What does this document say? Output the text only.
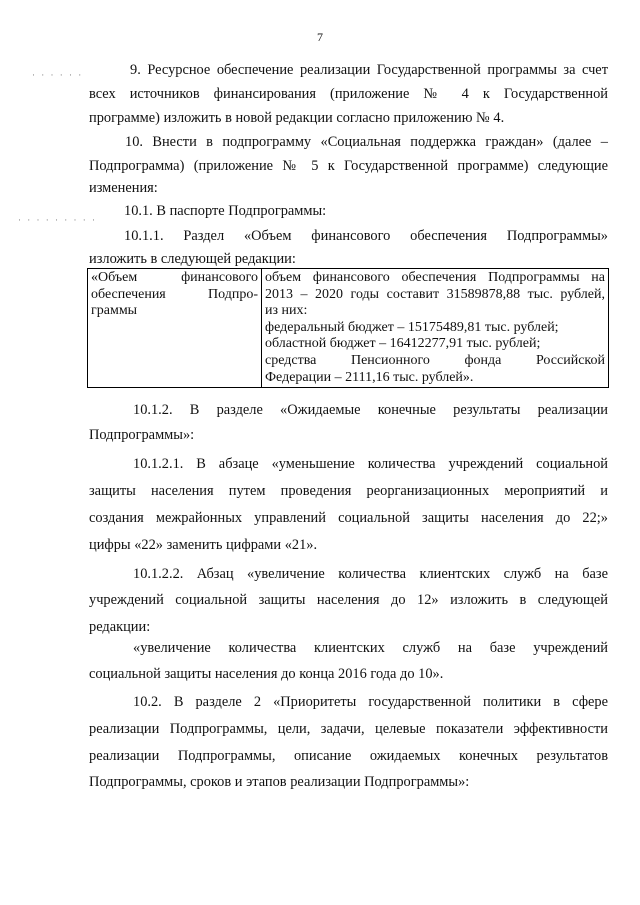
7
· · · · · ·
· · · · · · · · ·
9. Ресурсное обеспечение реализации Государственной программы за счет
всех источников финансирования (приложение № 4 к Государственной
программе) изложить в новой редакции согласно приложению № 4.
10. Внести в подпрограмму «Социальная поддержка граждан» (далее –
Подпрограмма) (приложение № 5 к Государственной программе) следующие
изменения:
10.1. В паспорте Подпрограммы:
10.1.1. Раздел «Объем финансового обеспечения Подпрограммы»
изложить в следующей редакции:
«Объем финансового
обеспечения Подпро-
граммы

объем финансового обеспечения Подпрограммы на
2013 – 2020 годы составит 31589878,88 тыс. рублей,
из них:
федеральный бюджет – 15175489,81 тыс. рублей;
областной бюджет – 16412277,91 тыс. рублей;
средства Пенсионного фонда Российской
Федерации – 2111,16 тыс. рублей».
10.1.2. В разделе «Ожидаемые конечные результаты реализации
Подпрограммы»:
10.1.2.1. В абзаце «уменьшение количества учреждений социальной
защиты населения путем проведения реорганизационных мероприятий и
создания межрайонных управлений социальной защиты населения до 22;»
цифры «22» заменить цифрами «21».
10.1.2.2. Абзац «увеличение количества клиентских служб на базе
учреждений социальной защиты населения до 12» изложить в следующей
редакции:
«увеличение количества клиентских служб на базе учреждений
социальной защиты населения до конца 2016 года до 10».
10.2. В разделе 2 «Приоритеты государственной политики в сфере
реализации Подпрограммы, цели, задачи, целевые показатели эффективности
реализации Подпрограммы, описание ожидаемых конечных результатов
Подпрограммы, сроков и этапов реализации Подпрограммы»:
